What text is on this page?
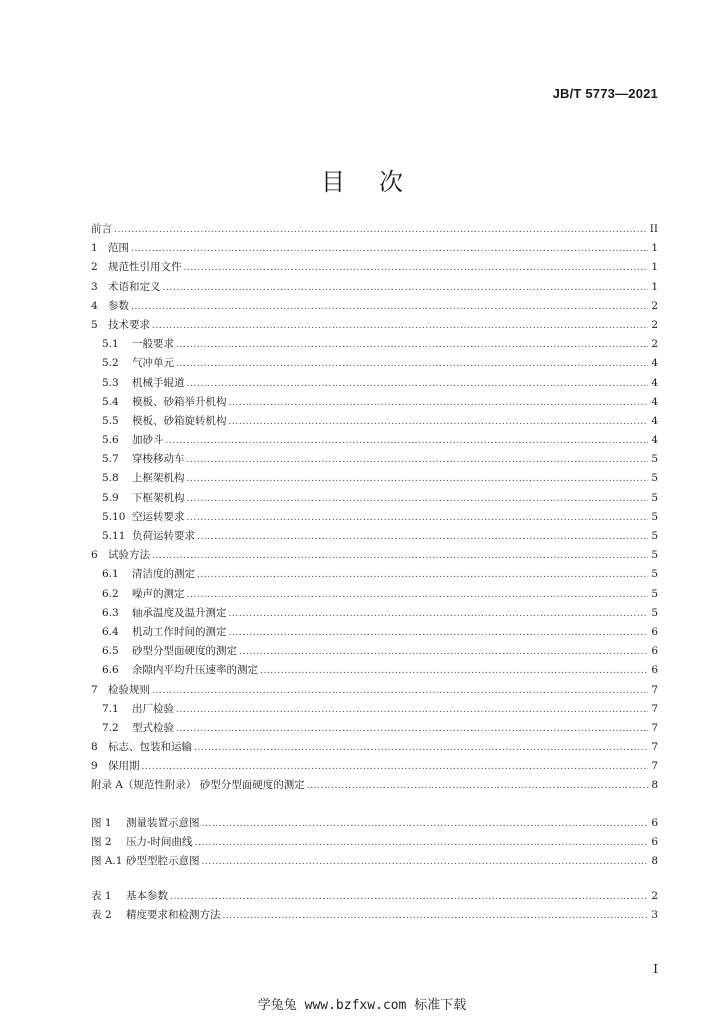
JB/T 5773—2021
目次
前言 .....	II
1 范围 .....	1
2 规范性引用文件 .....	1
3 术语和定义 .....	1
4 参数 .....	2
5 技术要求 .....	2
5.1	一般要求 .....	2
5.2	气冲单元 .....	4
5.3	机械手辊道 .....	4
5.4	模板、砂箱举升机构 .....	4
5.5	模板、砂箱旋转机构 .....	4
5.6	加砂斗 .....	4
5.7	穿梭移动车 .....	5
5.8	上框架机构 .....	5
5.9	下框架机构 .....	5
5.10 空运转要求 .....	5
5.11 负荷运转要求 .....	5
6 试验方法 .....	5
6.1	清洁度的测定 .....	5
6.2	噪声的测定 .....	5
6.3	轴承温度及温升测定 .....	5
6.4	机动工作时间的测定 .....	6
6.5	砂型分型面硬度的测定 .....	6
6.6	余隙内平均升压速率的测定 .....	6
7 检验规则 .....	7
7.1	出厂检验 .....	7
7.2	型式检验 .....	7
8 标志、包装和运输 .....	7
9 保用期 .....	7
附录 A（规范性附录） 砂型分型面硬度的测定 .....	8
图 1	测量装置示意图 .....	6
图 2	压力-时间曲线 .....	6
图 A.1 砂型型腔示意图 .....	8
表 1	基本参数 .....	2
表 2	精度要求和检测方法 .....	3
I
学兔兔 www.bzfxw.com 标准下载
